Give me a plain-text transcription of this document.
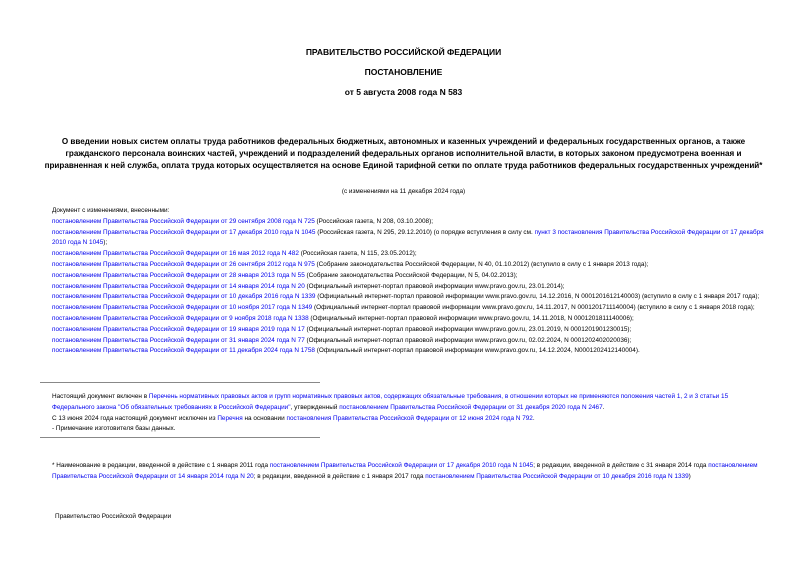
ПРАВИТЕЛЬСТВО РОССИЙСКОЙ ФЕДЕРАЦИИ
ПОСТАНОВЛЕНИЕ
от 5 августа 2008 года N 583
О введении новых систем оплаты труда работников федеральных бюджетных, автономных и казенных учреждений и федеральных государственных органов, а также гражданского персонала воинских частей, учреждений и подразделений федеральных органов исполнительной власти, в которых законом предусмотрена военная и приравненная к ней служба, оплата труда которых осуществляется на основе Единой тарифной сетки по оплате труда работников федеральных государственных учреждений*
(с изменениями на 11 декабря 2024 года)

Документ с изменениями, внесенными:

постановлением Правительства Российской Федерации от 29 сентября 2008 года N 725 (Российская газета, N 208, 03.10.2008);

постановлением Правительства Российской Федерации от 17 декабря 2010 года N 1045 (Российская газета, N 295, 29.12.2010) (о порядке вступления в силу см. пункт 3 постановления Правительства Российской Федерации от 17 декабря 2010 года N 1045);

постановлением Правительства Российской Федерации от 16 мая 2012 года N 482 (Российская газета, N 115, 23.05.2012);

постановлением Правительства Российской Федерации от 26 сентября 2012 года N 975 (Собрание законодательства Российской Федерации, N 40, 01.10.2012) (вступило в силу с 1 января 2013 года);

постановлением Правительства Российской Федерации от 28 января 2013 года N 55 (Собрание законодательства Российской Федерации, N 5, 04.02.2013);

постановлением Правительства Российской Федерации от 14 января 2014 года N 20 (Официальный интернет-портал правовой информации www.pravo.gov.ru, 23.01.2014);

постановлением Правительства Российской Федерации от 10 декабря 2016 года N 1339 (Официальный интернет-портал правовой информации www.pravo.gov.ru, 14.12.2016, N 0001201612140003) (вступило в силу с 1 января 2017 года);

постановлением Правительства Российской Федерации от 10 ноября 2017 года N 1349 (Официальный интернет-портал правовой информации www.pravo.gov.ru, 14.11.2017, N 0001201711140004) (вступило в силу с 1 января 2018 года);

постановлением Правительства Российской Федерации от 9 ноября 2018 года N 1338 (Официальный интернет-портал правовой информации www.pravo.gov.ru, 14.11.2018, N 0001201811140006);

постановлением Правительства Российской Федерации от 19 января 2019 года N 17 (Официальный интернет-портал правовой информации www.pravo.gov.ru, 23.01.2019, N 0001201901230015);

постановлением Правительства Российской Федерации от 31 января 2024 года N 77 (Официальный интернет-портал правовой информации www.pravo.gov.ru, 02.02.2024, N 0001202402020036);

постановлением Правительства Российской Федерации от 11 декабря 2024 года N 1758 (Официальный интернет-портал правовой информации www.pravo.gov.ru, 14.12.2024, N0001202412140004).

Настоящий документ включен в Перечень нормативных правовых актов и групп нормативных правовых актов, содержащих обязательные требования, в отношении которых не применяются положения частей 1, 2 и 3 статьи 15 Федерального закона "Об обязательных требованиях в Российской Федерации", утвержденный постановлением Правительства Российской Федерации от 31 декабря 2020 года N 2467.

С 13 июня 2024 года настоящий документ исключен из Перечня на основании постановления Правительства Российской Федерации от 12 июня 2024 года N 792.

- Примечание изготовителя базы данных.

* Наименование в редакции, введенной в действие с 1 января 2011 года постановлением Правительства Российской Федерации от 17 декабря 2010 года N 1045; в редакции, введенной в действие с 31 января 2014 года постановлением Правительства Российской Федерации от 14 января 2014 года N 20; в редакции, введенной в действие с 1 января 2017 года постановлением Правительства Российской Федерации от 10 декабря 2016 года N 1339)

Правительство Российской Федерации
